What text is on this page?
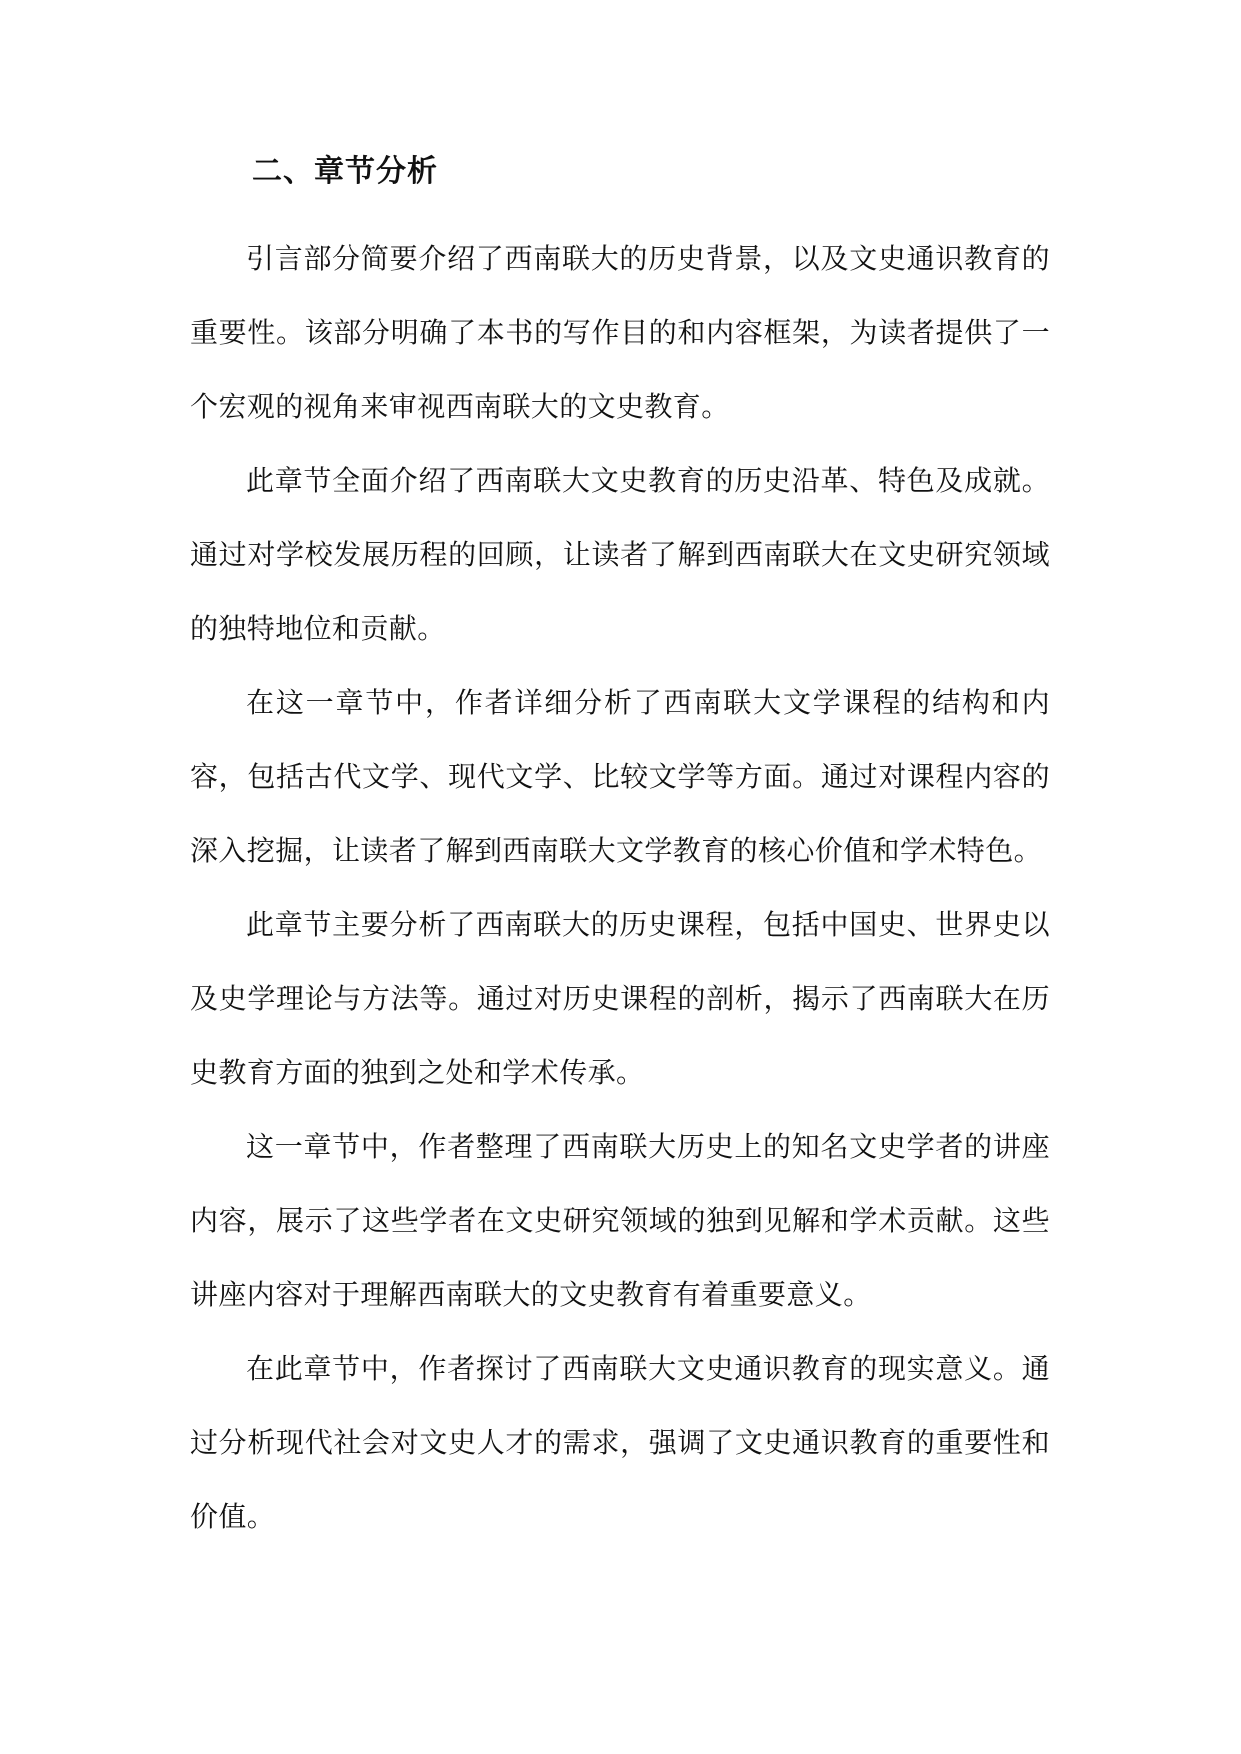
二、章节分析

引言部分简要介绍了西南联大的历史背景，以及文史通识教育的重要性。该部分明确了本书的写作目的和内容框架，为读者提供了一个宏观的视角来审视西南联大的文史教育。

此章节全面介绍了西南联大文史教育的历史沿革、特色及成就。通过对学校发展历程的回顾，让读者了解到西南联大在文史研究领域的独特地位和贡献。

在这一章节中，作者详细分析了西南联大文学课程的结构和内容，包括古代文学、现代文学、比较文学等方面。通过对课程内容的深入挖掘，让读者了解到西南联大文学教育的核心价值和学术特色。

此章节主要分析了西南联大的历史课程，包括中国史、世界史以及史学理论与方法等。通过对历史课程的剖析，揭示了西南联大在历史教育方面的独到之处和学术传承。

这一章节中，作者整理了西南联大历史上的知名文史学者的讲座内容，展示了这些学者在文史研究领域的独到见解和学术贡献。这些讲座内容对于理解西南联大的文史教育有着重要意义。

在此章节中，作者探讨了西南联大文史通识教育的现实意义。通过分析现代社会对文史人才的需求，强调了文史通识教育的重要性和价值。
